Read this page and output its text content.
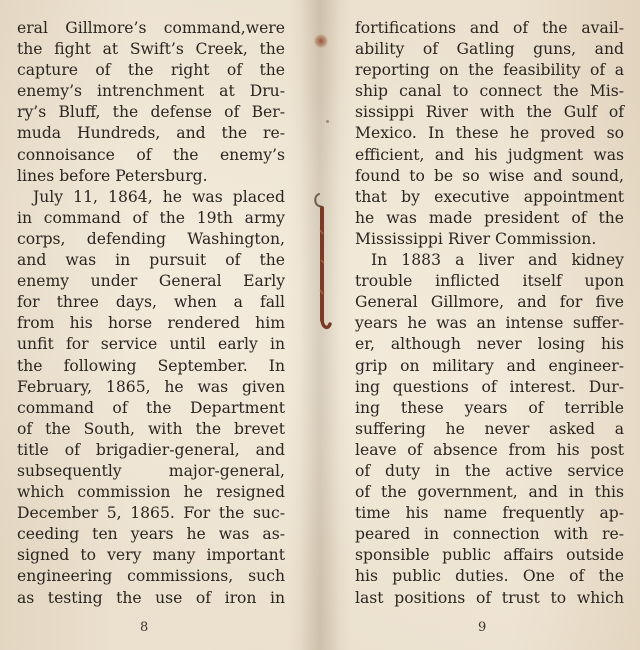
eral Gillmore’s command,were
the fight at Swift’s Creek, the
capture of the right of the
enemy’s intrenchment at Dru-
ry’s Bluff, the defense of Ber-
muda Hundreds, and the re-
connoisance of the enemy’s
lines before Petersburg.
July 11, 1864, he was placed
in command of the 19th army
corps, defending Washington,
and was in pursuit of the
enemy under General Early
for three days, when a fall
from his horse rendered him
unfit for service until early in
the following September. In
February, 1865, he was given
command of the Department
of the South, with the brevet
title of brigadier-general, and
subsequently major-general,
which commission he resigned
December 5, 1865. For the suc-
ceeding ten years he was as-
signed to very many important
engineering commissions, such
as testing the use of iron in
8
fortifications and of the avail-
ability of Gatling guns, and
reporting on the feasibility of a
ship canal to connect the Mis-
sissippi River with the Gulf of
Mexico. In these he proved so
efficient, and his judgment was
found to be so wise and sound,
that by executive appointment
he was made president of the
Mississippi River Commission.
In 1883 a liver and kidney
trouble inflicted itself upon
General Gillmore, and for five
years he was an intense suffer-
er, although never losing his
grip on military and engineer-
ing questions of interest. Dur-
ing these years of terrible
suffering he never asked a
leave of absence from his post
of duty in the active service
of the government, and in this
time his name frequently ap-
peared in connection with re-
sponsible public affairs outside
his public duties. One of the
last positions of trust to which
9
